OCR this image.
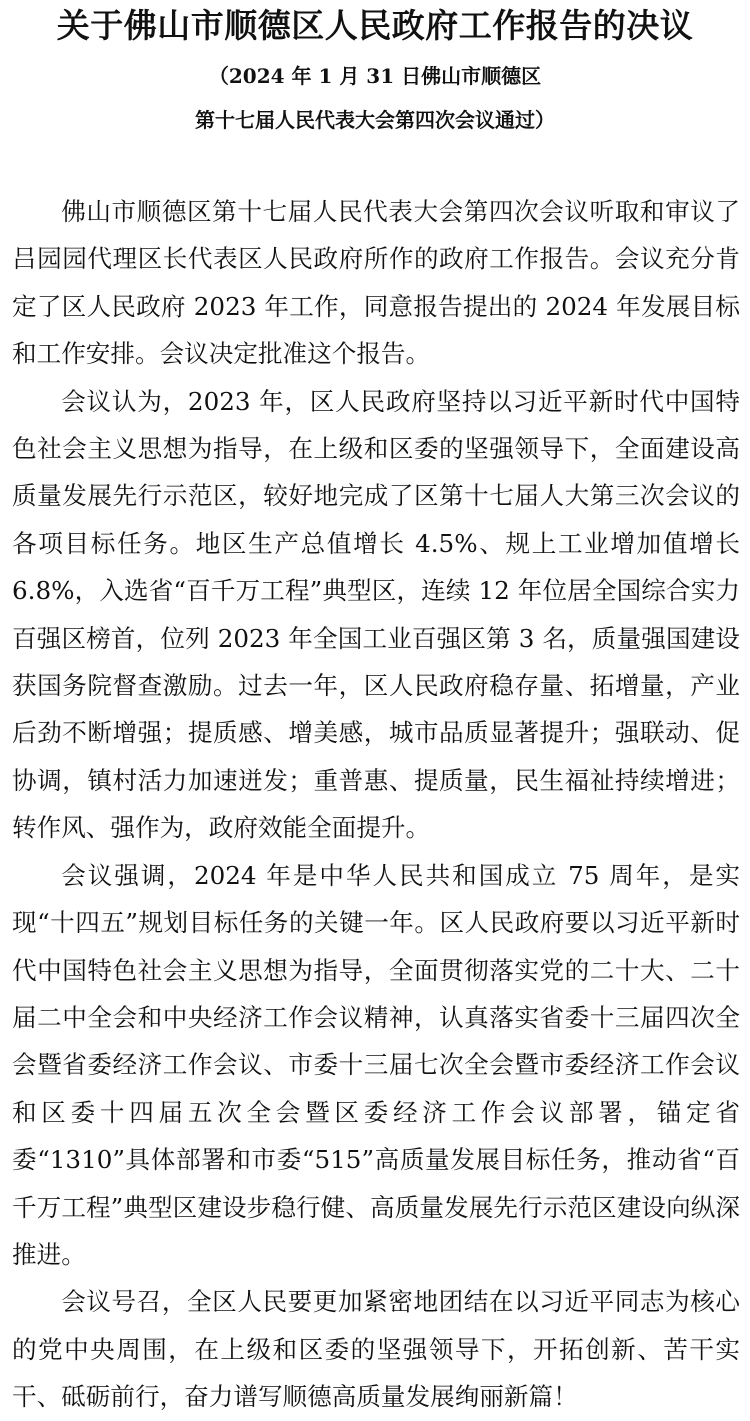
关于佛山市顺德区人民政府工作报告的决议
（2024 年 1 月 31 日佛山市顺德区
第十七届人民代表大会第四次会议通过）

佛山市顺德区第十七届人民代表大会第四次会议听取和审议了吕园园代理区长代表区人民政府所作的政府工作报告。会议充分肯定了区人民政府 2023 年工作，同意报告提出的 2024 年发展目标和工作安排。会议决定批准这个报告。

会议认为，2023 年，区人民政府坚持以习近平新时代中国特色社会主义思想为指导，在上级和区委的坚强领导下，全面建设高质量发展先行示范区，较好地完成了区第十七届人大第三次会议的各项目标任务。地区生产总值增长 4.5%、规上工业增加值增长 6.8%，入选省“百千万工程”典型区，连续 12 年位居全国综合实力百强区榜首，位列 2023 年全国工业百强区第 3 名，质量强国建设获国务院督查激励。过去一年，区人民政府稳存量、拓增量，产业后劲不断增强；提质感、增美感，城市品质显著提升；强联动、促协调，镇村活力加速迸发；重普惠、提质量，民生福祉持续增进；转作风、强作为，政府效能全面提升。

会议强调，2024 年是中华人民共和国成立 75 周年，是实现“十四五”规划目标任务的关键一年。区人民政府要以习近平新时代中国特色社会主义思想为指导，全面贯彻落实党的二十大、二十届二中全会和中央经济工作会议精神，认真落实省委十三届四次全会暨省委经济工作会议、市委十三届七次全会暨市委经济工作会议和区委十四届五次全会暨区委经济工作会议部署，锚定省委“1310”具体部署和市委“515”高质量发展目标任务，推动省“百千万工程”典型区建设步稳行健、高质量发展先行示范区建设向纵深推进。

会议号召，全区人民要更加紧密地团结在以习近平同志为核心的党中央周围，在上级和区委的坚强领导下，开拓创新、苦干实干、砥砺前行，奋力谱写顺德高质量发展绚丽新篇！
